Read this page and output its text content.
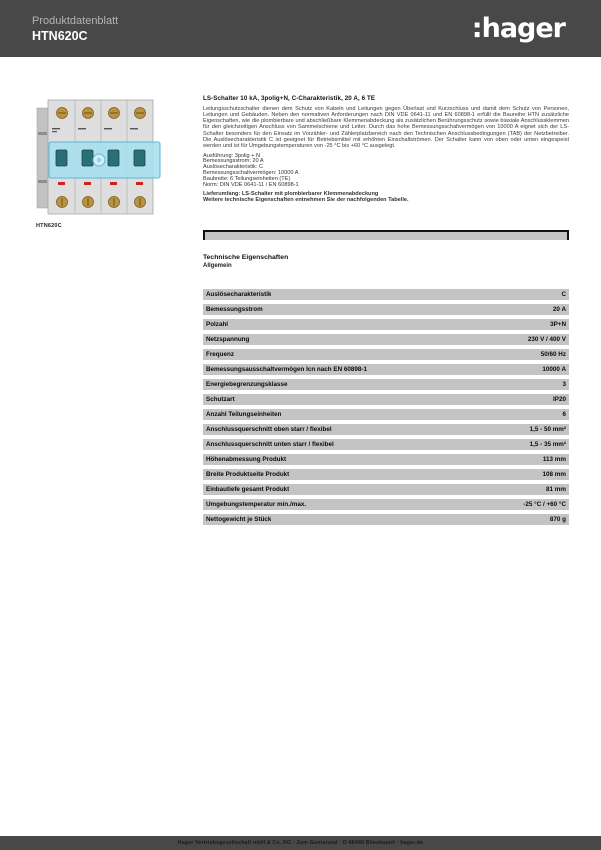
Produktdatenblatt
HTN620C	:hager
HTN620C
LS-Schalter 10 kA, 3polig+N, C-Charakteristik, 20 A, 6 TE
Leitungsschutzschalter dienen dem Schutz von Kabeln und Leitungen gegen Überlast und Kurzschluss und damit dem Schutz von Personen, Leitungen und Gebäuden. Neben den normativen Anforderungen nach DIN VDE 0641-11 und EN 60898-1 erfüllt die Baureihe HTN zusätzliche Eigenschaften, wie die plombierbare und abschließbare Klemmenabdeckung als zusätzlichen Berührungsschutz sowie biaxiale Anschlussklemmen für den gleichzeitigen Anschluss von Sammelschiene und Leiter. Durch das hohe Bemessungsschaltvermögen von 10000 A eignet sich der LS-Schalter besonders für den Einsatz im Vorzähler- und Zählerplatzbereich nach den Technischen Anschlussbedingungen (TAB) der Netzbetreiber. Die Auslösecharakteristik C ist geeignet für Betriebsmittel mit erhöhten Einschaltströmen. Der Schalter kann von oben oder unten eingespeist werden und ist für Umgebungstemperaturen von -25 °C bis +60 °C ausgelegt.
Ausführung: 3polig + N
Bemessungsstrom: 20 A
Auslösecharakteristik: C
Bemessungsschaltvermögen: 10000 A
Baubreite: 6 Teilungseinheiten (TE)
Norm: DIN VDE 0641-11 / EN 60898-1
Lieferumfang: LS-Schalter mit plombierbarer Klemmenabdeckung
Weitere technische Eigenschaften entnehmen Sie der nachfolgenden Tabelle.
Technische Eigenschaften
Allgemein
Auslösecharakteristik	C
Bemessungsstrom	20 A
Polzahl	3P+N
Netzspannung	230 V / 400 V
Frequenz	50/60 Hz
Bemessungsausschaltvermögen Icn nach EN 60898-1	10000 A
Energiebegrenzungsklasse	3
Schutzart	IP20
Anzahl Teilungseinheiten	6
Anschlussquerschnitt oben starr / flexibel	1,5 - 50 mm²
Anschlussquerschnitt unten starr / flexibel	1,5 - 35 mm²
Höhenabmessung Produkt	113 mm
Breite Produktseite Produkt	108 mm
Einbautiefe gesamt Produkt	81 mm
Umgebungstemperatur min./max.	-25 °C / +60 °C
Nettogewicht je Stück	870 g
Hager Vertriebsgesellschaft mbH & Co. KG · Zum Gunterstal · D-66440 Blieskastel · hager.de
